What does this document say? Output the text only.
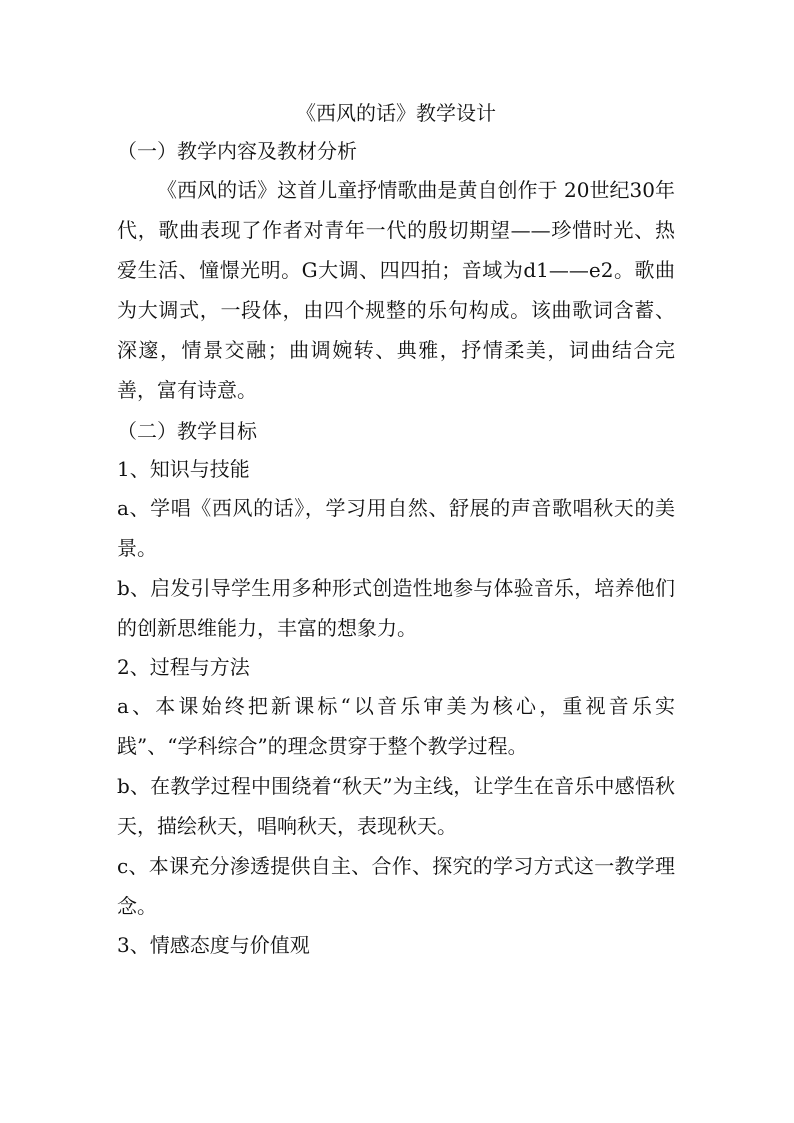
《西风的话》教学设计

（一）教学内容及教材分析

《西风的话》这首儿童抒情歌曲是黄自创作于 20世纪30年代，歌曲表现了作者对青年一代的殷切期望——珍惜时光、热爱生活、憧憬光明。G大调、四四拍；音域为d1——e2。歌曲为大调式，一段体，由四个规整的乐句构成。该曲歌词含蓄、深邃，情景交融；曲调婉转、典雅，抒情柔美，词曲结合完善，富有诗意。

（二）教学目标

1、知识与技能

a、学唱《西风的话》，学习用自然、舒展的声音歌唱秋天的美景。

b、启发引导学生用多种形式创造性地参与体验音乐，培养他们的创新思维能力，丰富的想象力。

2、过程与方法

a、本课始终把新课标“以音乐审美为核心，重视音乐实践”、“学科综合”的理念贯穿于整个教学过程。

b、在教学过程中围绕着“秋天”为主线，让学生在音乐中感悟秋天，描绘秋天，唱响秋天，表现秋天。

c、本课充分渗透提供自主、合作、探究的学习方式这一教学理念。

3、情感态度与价值观
